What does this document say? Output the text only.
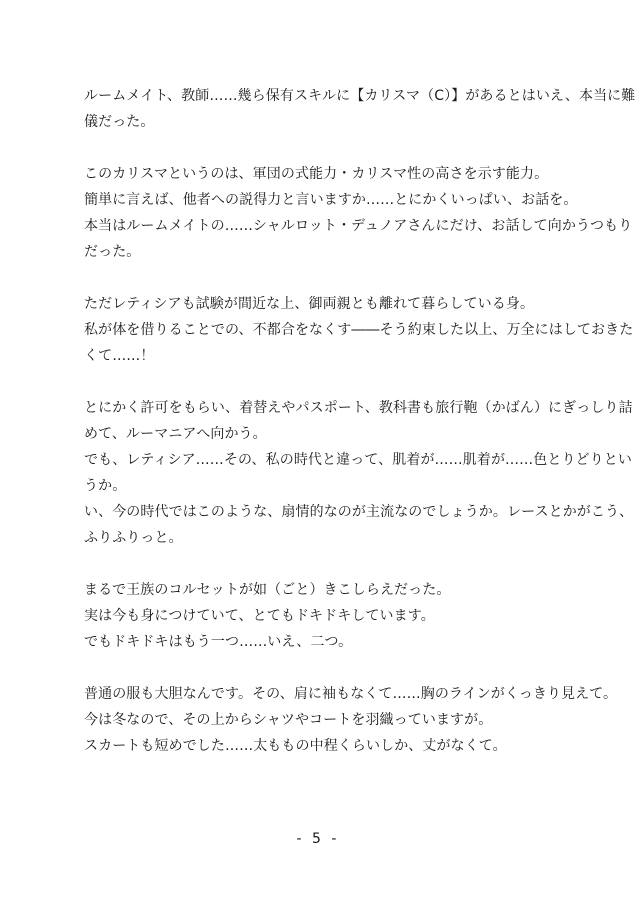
ルームメイト、教師……幾ら保有スキルに【カリスマ（C）】があるとはいえ、本当に難
儀だった。
このカリスマというのは、軍団の式能力・カリスマ性の高さを示す能力。
簡単に言えば、他者への説得力と言いますか……とにかくいっぱい、お話を。
本当はルームメイトの……シャルロット・デュノアさんにだけ、お話して向かうつもり
だった。
ただレティシアも試験が間近な上、御両親とも離れて暮らしている身。
私が体を借りることでの、不都合をなくす――そう約束した以上、万全にはしておきた
くて……！
とにかく許可をもらい、着替えやパスポート、教科書も旅行鞄（かばん）にぎっしり詰
めて、ルーマニアへ向かう。
でも、レティシア……その、私の時代と違って、肌着が……肌着が……色とりどりとい
うか。
い、今の時代ではこのような、扇情的なのが主流なのでしょうか。レースとかがこう、
ふりふりっと。
まるで王族のコルセットが如（ごと）きこしらえだった。
実は今も身につけていて、とてもドキドキしています。
でもドキドキはもう一つ……いえ、二つ。
普通の服も大胆なんです。その、肩に袖もなくて……胸のラインがくっきり見えて。
今は冬なので、その上からシャツやコートを羽織っていますが。
スカートも短めでした……太ももの中程くらいしか、丈がなくて。
- 5 -
